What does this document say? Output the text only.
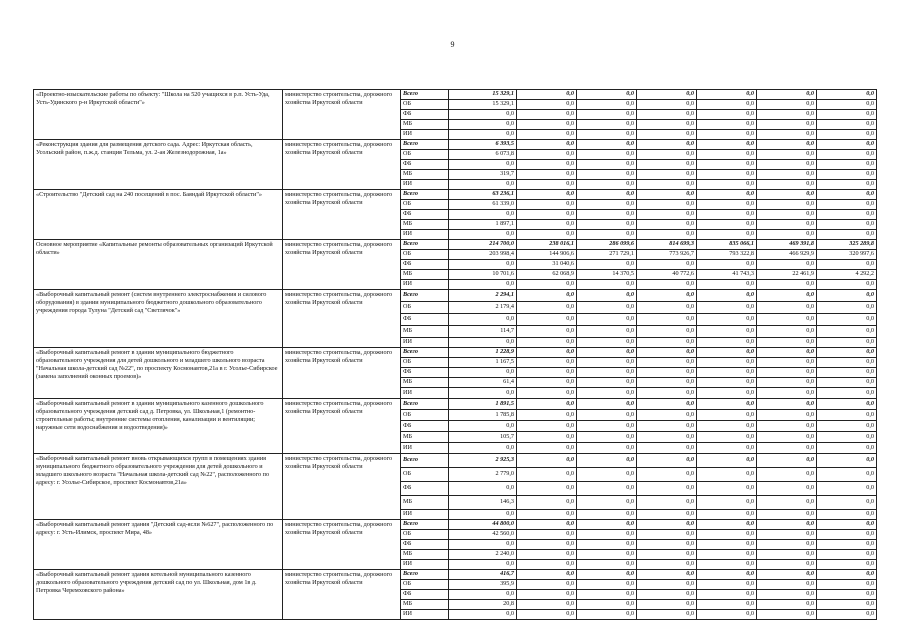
9
«Проектно-изыскательские работы по объекту: "Школа на 520 учащихся в р.п. Усть-Уда, Усть-Удинского р-н Иркутской области"»	министерство строительства, дорожного хозяйства Иркутской области	Всего	15 329,1	0,0	0,0	0,0	0,0	0,0	0,0
		ОБ	15 329,1	0,0	0,0	0,0	0,0	0,0	0,0
		ФБ	0,0	0,0	0,0	0,0	0,0	0,0	0,0
		МБ	0,0	0,0	0,0	0,0	0,0	0,0	0,0
		ИИ	0,0	0,0	0,0	0,0	0,0	0,0	0,0
«Реконструкция здания для размещения детского сада. Адрес: Иркутская область, Усольский район, п.ж.д. станция Тельма, ул. 2-ая Железнодорожная, 1а»	министерство строительства, дорожного хозяйства Иркутской области	Всего	6 393,5	0,0	0,0	0,0	0,0	0,0	0,0
		ОБ	6 073,8	0,0	0,0	0,0	0,0	0,0	0,0
		ФБ	0,0	0,0	0,0	0,0	0,0	0,0	0,0
		МБ	319,7	0,0	0,0	0,0	0,0	0,0	0,0
		ИИ	0,0	0,0	0,0	0,0	0,0	0,0	0,0
«Строительство "Детский сад на 240 посещений в пос. Баяндай Иркутской области"»	министерство строительства, дорожного хозяйства Иркутской области	Всего	63 236,1	0,0	0,0	0,0	0,0	0,0	0,0
		ОБ	61 339,0	0,0	0,0	0,0	0,0	0,0	0,0
		ФБ	0,0	0,0	0,0	0,0	0,0	0,0	0,0
		МБ	1 897,1	0,0	0,0	0,0	0,0	0,0	0,0
		ИИ	0,0	0,0	0,0	0,0	0,0	0,0	0,0
Основное мероприятие «Капитальные ремонты образовательных организаций Иркутской области»	министерство строительства, дорожного хозяйства Иркутской области	Всего	214 700,0	238 016,1	286 099,6	814 699,3	835 066,1	469 391,8	325 289,8
		ОБ	203 998,4	144 906,6	271 729,1	773 926,7	793 322,8	466 929,9	320 997,6
		ФБ	0,0	31 040,6	0,0	0,0	0,0	0,0	0,0
		МБ	10 701,6	62 068,9	14 370,5	40 772,6	41 743,3	22 461,9	4 292,2
		ИИ	0,0	0,0	0,0	0,0	0,0	0,0	0,0
«Выборочный капитальный ремонт (систем внутреннего электроснабжения и силового оборудования) в здании муниципального бюджетного дошкольного образовательного учреждения города Тулуна "Детский сад "Светлячок"»	министерство строительства, дорожного хозяйства Иркутской области	Всего	2 294,1	0,0	0,0	0,0	0,0	0,0	0,0
		ОБ	2 179,4	0,0	0,0	0,0	0,0	0,0	0,0
		ФБ	0,0	0,0	0,0	0,0	0,0	0,0	0,0
		МБ	114,7	0,0	0,0	0,0	0,0	0,0	0,0
		ИИ	0,0	0,0	0,0	0,0	0,0	0,0	0,0
«Выборочный капитальный ремонт в здании муниципального бюджетного образовательного учреждения для детей дошкольного и младшего школьного возраста "Начальная школа-детский сад №22", по проспекту Космонавтов,21а в г. Усолье-Сибирское (замена заполнений оконных проемов)»	министерство строительства, дорожного хозяйства Иркутской области	Всего	1 228,9	0,0	0,0	0,0	0,0	0,0	0,0
		ОБ	1 167,5	0,0	0,0	0,0	0,0	0,0	0,0
		ФБ	0,0	0,0	0,0	0,0	0,0	0,0	0,0
		МБ	61,4	0,0	0,0	0,0	0,0	0,0	0,0
		ИИ	0,0	0,0	0,0	0,0	0,0	0,0	0,0
«Выборочный капитальный ремонт в здании муниципального казенного дошкольного образовательного учреждения детский сад д. Петровка, ул. Школьная,1 (ремонтно-строительные работы; внутренние системы отопления, канализации и вентиляции; наружные сети водоснабжения и водоотведения)»	министерство строительства, дорожного хозяйства Иркутской области	Всего	1 891,5	0,0	0,0	0,0	0,0	0,0	0,0
		ОБ	1 785,8	0,0	0,0	0,0	0,0	0,0	0,0
		ФБ	0,0	0,0	0,0	0,0	0,0	0,0	0,0
		МБ	105,7	0,0	0,0	0,0	0,0	0,0	0,0
		ИИ	0,0	0,0	0,0	0,0	0,0	0,0	0,0
«Выборочный капитальный ремонт вновь открывающихся групп в помещениях здания муниципального бюджетного образовательного учреждения для детей дошкольного и младшего школьного возраста "Начальная школа-детский сад №22", расположенного по адресу: г. Усолье-Сибирское, проспект Космонавтов,21а»	министерство строительства, дорожного хозяйства Иркутской области	Всего	2 925,3	0,0	0,0	0,0	0,0	0,0	0,0
		ОБ	2 779,0	0,0	0,0	0,0	0,0	0,0	0,0
		ФБ	0,0	0,0	0,0	0,0	0,0	0,0	0,0
		МБ	146,3	0,0	0,0	0,0	0,0	0,0	0,0
		ИИ	0,0	0,0	0,0	0,0	0,0	0,0	0,0
«Выборочный капитальный ремонт здания "Детский сад-ясли №627", расположенного по адресу: г. Усть-Илимск, проспект Мира, 48»	министерство строительства, дорожного хозяйства Иркутской области	Всего	44 800,0	0,0	0,0	0,0	0,0	0,0	0,0
		ОБ	42 560,0	0,0	0,0	0,0	0,0	0,0	0,0
		ФБ	0,0	0,0	0,0	0,0	0,0	0,0	0,0
		МБ	2 240,0	0,0	0,0	0,0	0,0	0,0	0,0
		ИИ	0,0	0,0	0,0	0,0	0,0	0,0	0,0
«Выборочный капитальный ремонт здания котельной муниципального казенного дошкольного образовательного учреждения детский сад по ул. Школьная, дом 1в д. Петровка Черемховского района»	министерство строительства, дорожного хозяйства Иркутской области	Всего	416,7	0,0	0,0	0,0	0,0	0,0	0,0
		ОБ	395,9	0,0	0,0	0,0	0,0	0,0	0,0
		ФБ	0,0	0,0	0,0	0,0	0,0	0,0	0,0
		МБ	20,8	0,0	0,0	0,0	0,0	0,0	0,0
		ИИ	0,0	0,0	0,0	0,0	0,0	0,0	0,0
